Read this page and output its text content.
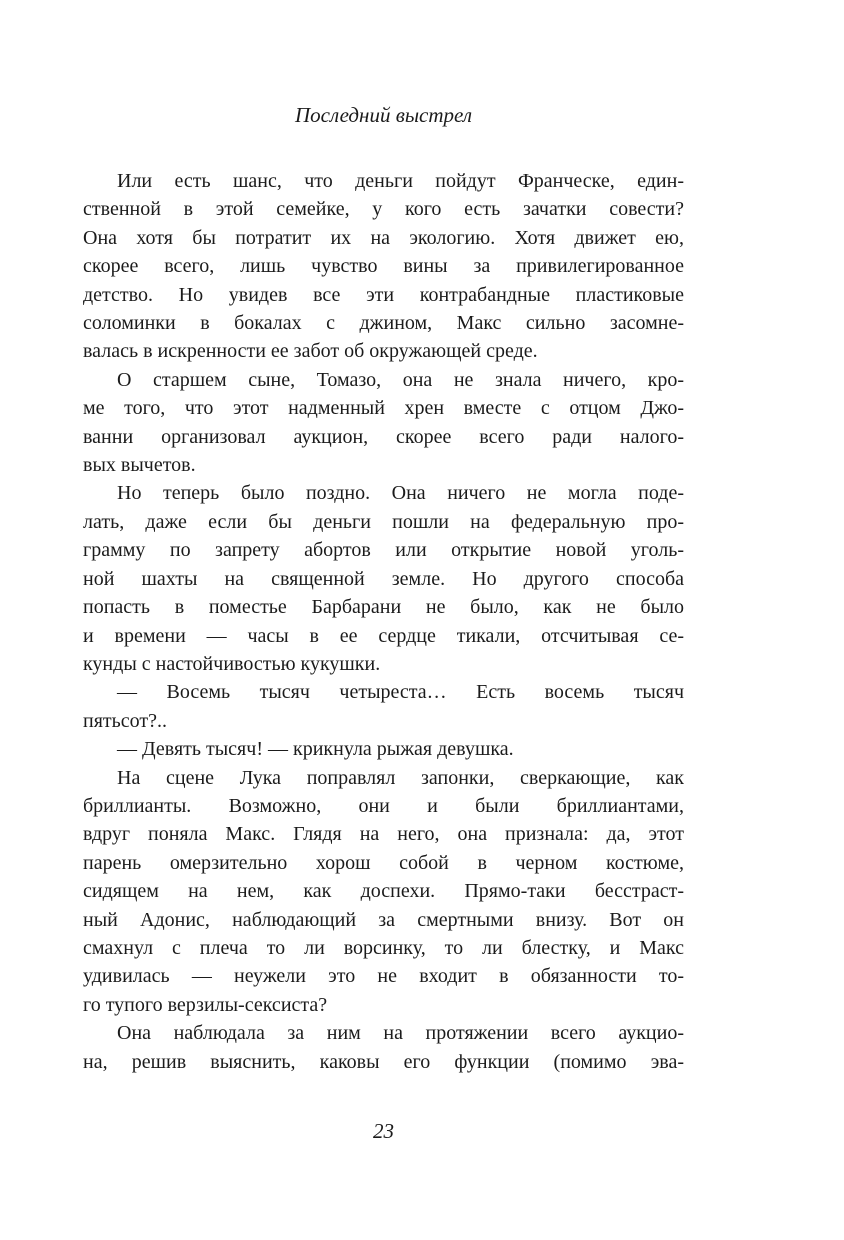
Последний выстрел
Или есть шанс, что деньги пойдут Франческе, един-
ственной в этой семейке, у кого есть зачатки совести?
Она хотя бы потратит их на экологию. Хотя движет ею,
скорее всего, лишь чувство вины за привилегированное
детство. Но увидев все эти контрабандные пластиковые
соломинки в бокалах с джином, Макс сильно засомне-
валась в искренности ее забот об окружающей среде.
О старшем сыне, Томазо, она не знала ничего, кро-
ме того, что этот надменный хрен вместе с отцом Джо-
ванни организовал аукцион, скорее всего ради налого-
вых вычетов.
Но теперь было поздно. Она ничего не могла поде-
лать, даже если бы деньги пошли на федеральную про-
грамму по запрету абортов или открытие новой уголь-
ной шахты на священной земле. Но другого способа
попасть в поместье Барбарани не было, как не было
и времени — часы в ее сердце тикали, отсчитывая се-
кунды с настойчивостью кукушки.
— Восемь тысяч четыреста… Есть восемь тысяч
пятьсот?..
— Девять тысяч! — крикнула рыжая девушка.
На сцене Лука поправлял запонки, сверкающие, как
бриллианты. Возможно, они и были бриллиантами,
вдруг поняла Макс. Глядя на него, она признала: да, этот
парень омерзительно хорош собой в черном костюме,
сидящем на нем, как доспехи. Прямо-таки бесстраст-
ный Адонис, наблюдающий за смертными внизу. Вот он
смахнул с плеча то ли ворсинку, то ли блестку, и Макс
удивилась — неужели это не входит в обязанности то-
го тупого верзилы-сексиста?
Она наблюдала за ним на протяжении всего аукцио-
на, решив выяснить, каковы его функции (помимо эва-
23
